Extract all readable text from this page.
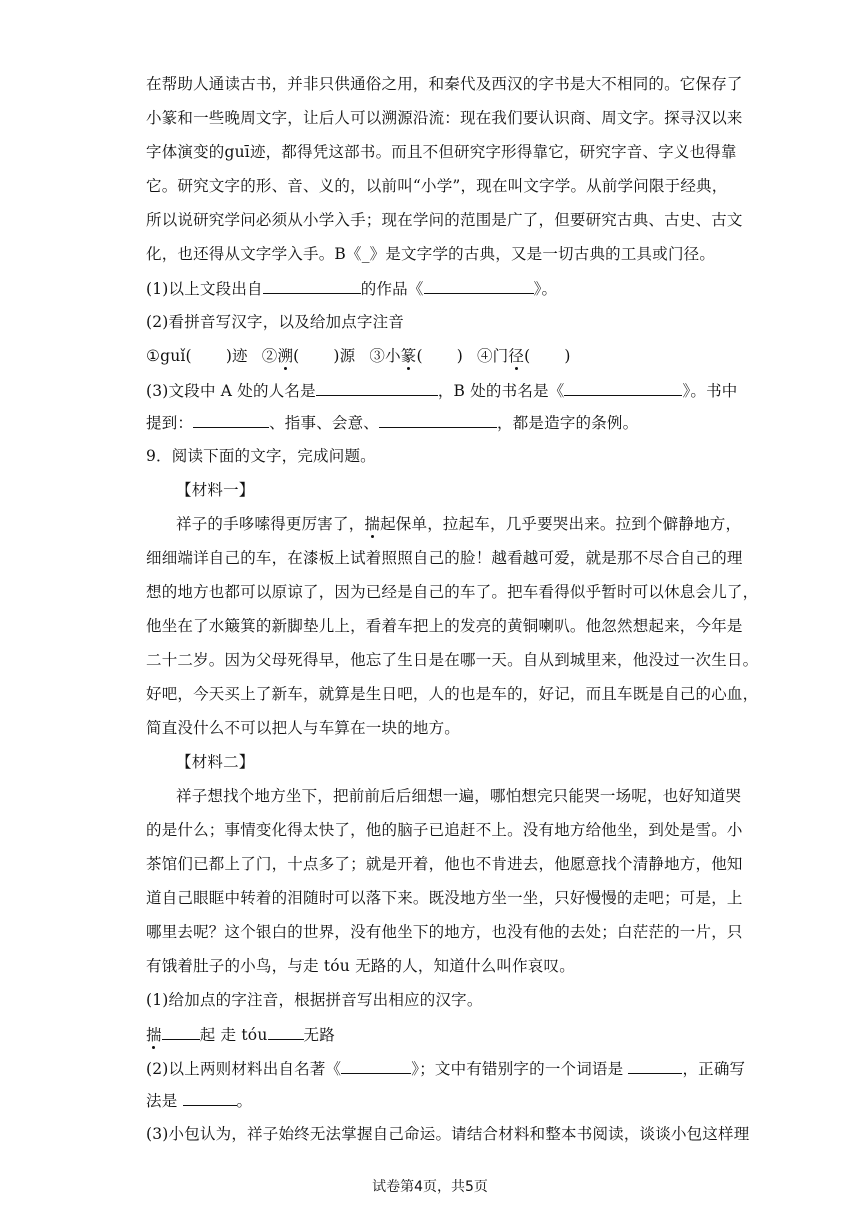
在帮助人通读古书，并非只供通俗之用，和秦代及西汉的字书是大不相同的。它保存了
小篆和一些晚周文字，让后人可以溯源沿流：现在我们要认识商、周文字。探寻汉以来
字体演变的guī迹，都得凭这部书。而且不但研究字形得靠它，研究字音、字义也得靠
它。研究文字的形、音、义的，以前叫“小学”，现在叫文字学。从前学问限于经典，
所以说研究学问必须从小学入手；现在学问的范围是广了，但要研究古典、古史、古文
化，也还得从文字学入手。B《_》是文字学的古典，又是一切古典的工具或门径。
(1)以上文段出自	的作品《	》。
(2)看拼音写汉字，以及给加点字注音
①guǐ( )迹 ②溯( )源 ③小篆( ) ④门径( )
(3)文段中 A 处的人名是	，B 处的书名是《	》。书中
提到：	、指事、会意、	，都是造字的条例。
9．阅读下面的文字，完成问题。
【材料一】
祥子的手哆嗦得更厉害了，揣起保单，拉起车，几乎要哭出来。拉到个僻静地方，
细细端详自己的车，在漆板上试着照照自己的脸！越看越可爱，就是那不尽合自己的理
想的地方也都可以原谅了，因为已经是自己的车了。把车看得似乎暂时可以休息会儿了，
他坐在了水簸箕的新脚垫儿上，看着车把上的发亮的黄铜喇叭。他忽然想起来，今年是
二十二岁。因为父母死得早，他忘了生日是在哪一天。自从到城里来，他没过一次生日。
好吧，今天买上了新车，就算是生日吧，人的也是车的，好记，而且车既是自己的心血，
简直没什么不可以把人与车算在一块的地方。
【材料二】
祥子想找个地方坐下，把前前后后细想一遍，哪怕想完只能哭一场呢，也好知道哭
的是什么；事情变化得太快了，他的脑子已追赶不上。没有地方给他坐，到处是雪。小
茶馆们已都上了门，十点多了；就是开着，他也不肯进去，他愿意找个清静地方，他知
道自己眼眶中转着的泪随时可以落下来。既没地方坐一坐，只好慢慢的走吧；可是，上
哪里去呢？这个银白的世界，没有他坐下的地方，也没有他的去处；白茫茫的一片，只
有饿着肚子的小鸟，与走 tóu 无路的人，知道什么叫作哀叹。
(1)给加点的字注音，根据拼音写出相应的汉字。
揣 起 走 tóu 无路
(2)以上两则材料出自名著《	》；文中有错别字的一个词语是	，正确写
法是	。
(3)小包认为，祥子始终无法掌握自己命运。请结合材料和整本书阅读，谈谈小包这样理
试卷第4页，共5页
